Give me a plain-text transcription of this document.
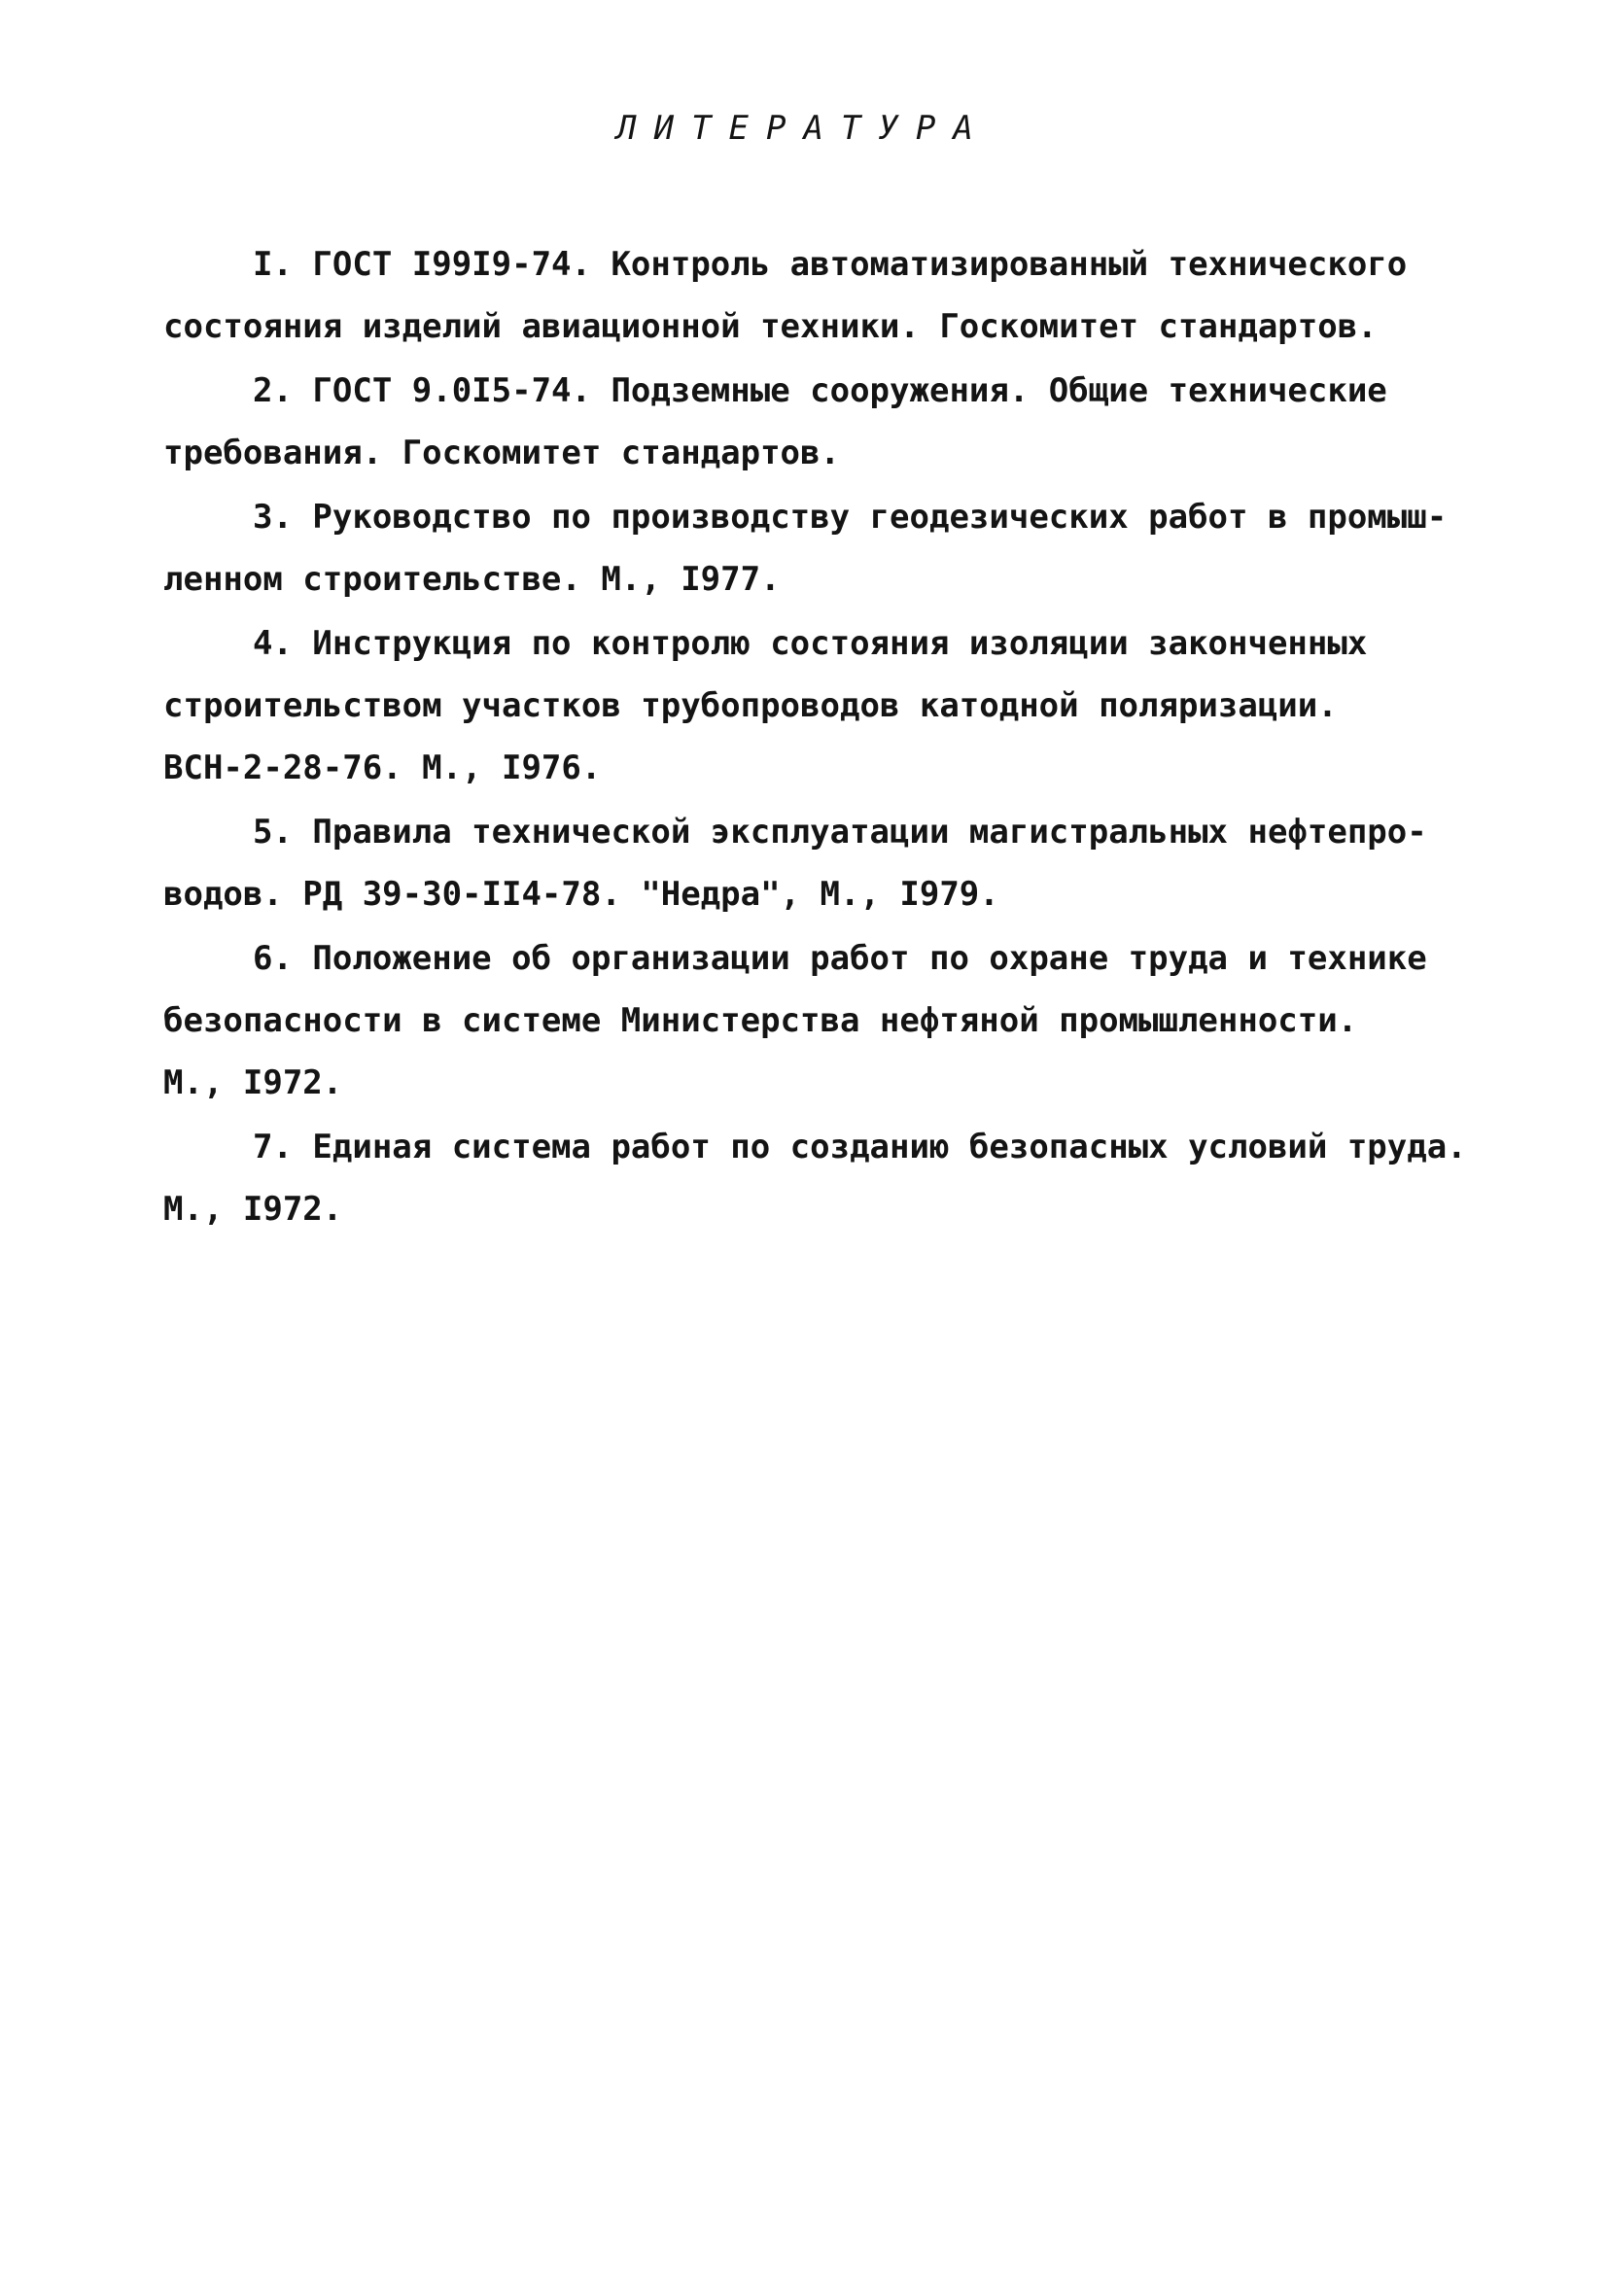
ЛИТЕРАТУРА
I. ГОСТ I99I9-74. Контроль автоматизированный технического
состояния изделий авиационной техники. Госкомитет стандартов.
2. ГОСТ 9.0I5-74. Подземные сооружения. Общие технические
требования. Госкомитет стандартов.
3. Руководство по производству геодезических работ в промыш-
ленном строительстве. М., I977.
4. Инструкция по контролю состояния изоляции законченных
строительством участков трубопроводов катодной поляризации.
ВСН-2-28-76. М., I976.
5. Правила технической эксплуатации магистральных нефтепро-
водов. РД 39-30-II4-78. "Недра", М., I979.
6. Положение об организации работ по охране труда и технике
безопасности в системе Министерства нефтяной промышленности.
М., I972.
7. Единая система работ по созданию безопасных условий труда.
М., I972.
